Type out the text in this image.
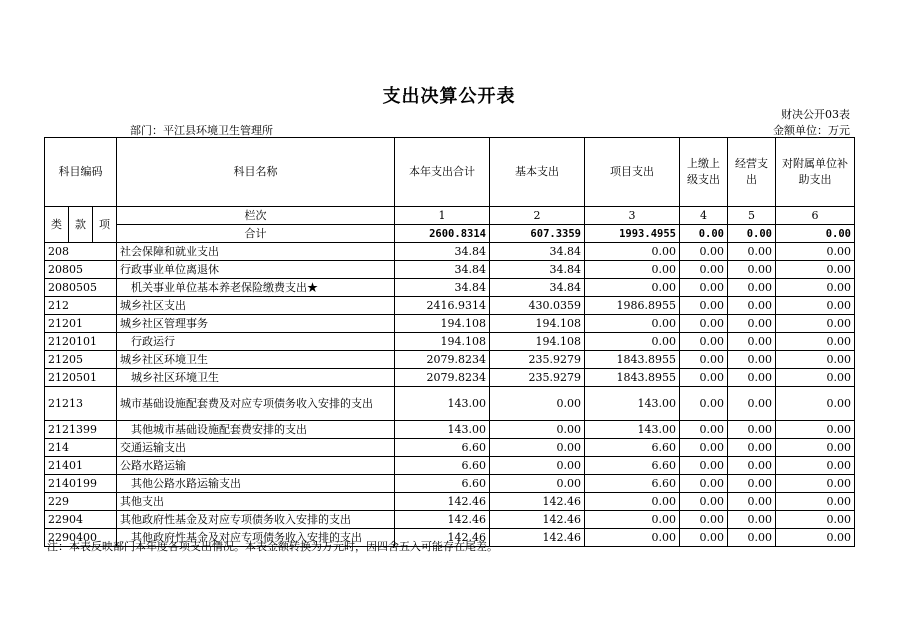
支出决算公开表
财决公开03表
部门：平江县环境卫生管理所	金额单位：万元
科目编码			科目名称	本年支出合计	基本支出	项目支出	上缴上级支出	经营支出	对附属单位补助支出
类	款	项	栏次	1	2	3	4	5	6
			合计	2600.8314	607.3359	1993.4955	0.00	0.00	0.00
208			社会保障和就业支出	34.84	34.84	0.00	0.00	0.00	0.00
20805			行政事业单位离退休	34.84	34.84	0.00	0.00	0.00	0.00
2080505			机关事业单位基本养老保险缴费支出★	34.84	34.84	0.00	0.00	0.00	0.00
212			城乡社区支出	2416.9314	430.0359	1986.8955	0.00	0.00	0.00
21201			城乡社区管理事务	194.108	194.108	0.00	0.00	0.00	0.00
2120101			行政运行	194.108	194.108	0.00	0.00	0.00	0.00
21205			城乡社区环境卫生	2079.8234	235.9279	1843.8955	0.00	0.00	0.00
2120501			城乡社区环境卫生	2079.8234	235.9279	1843.8955	0.00	0.00	0.00
21213			城市基础设施配套费及对应专项债务收入安排的支出	143.00	0.00	143.00	0.00	0.00	0.00
2121399			其他城市基础设施配套费安排的支出	143.00	0.00	143.00	0.00	0.00	0.00
214			交通运输支出	6.60	0.00	6.60	0.00	0.00	0.00
21401			公路水路运输	6.60	0.00	6.60	0.00	0.00	0.00
2140199			其他公路水路运输支出	6.60	0.00	6.60	0.00	0.00	0.00
229			其他支出	142.46	142.46	0.00	0.00	0.00	0.00
22904			其他政府性基金及对应专项债务收入安排的支出	142.46	142.46	0.00	0.00	0.00	0.00
2290400			其他政府性基金及对应专项债务收入安排的支出	142.46	142.46	0.00	0.00	0.00	0.00
注：本表反映部门本年度各项支出情况。本表金额转换为万元时，因四舍五入可能存在尾差。
